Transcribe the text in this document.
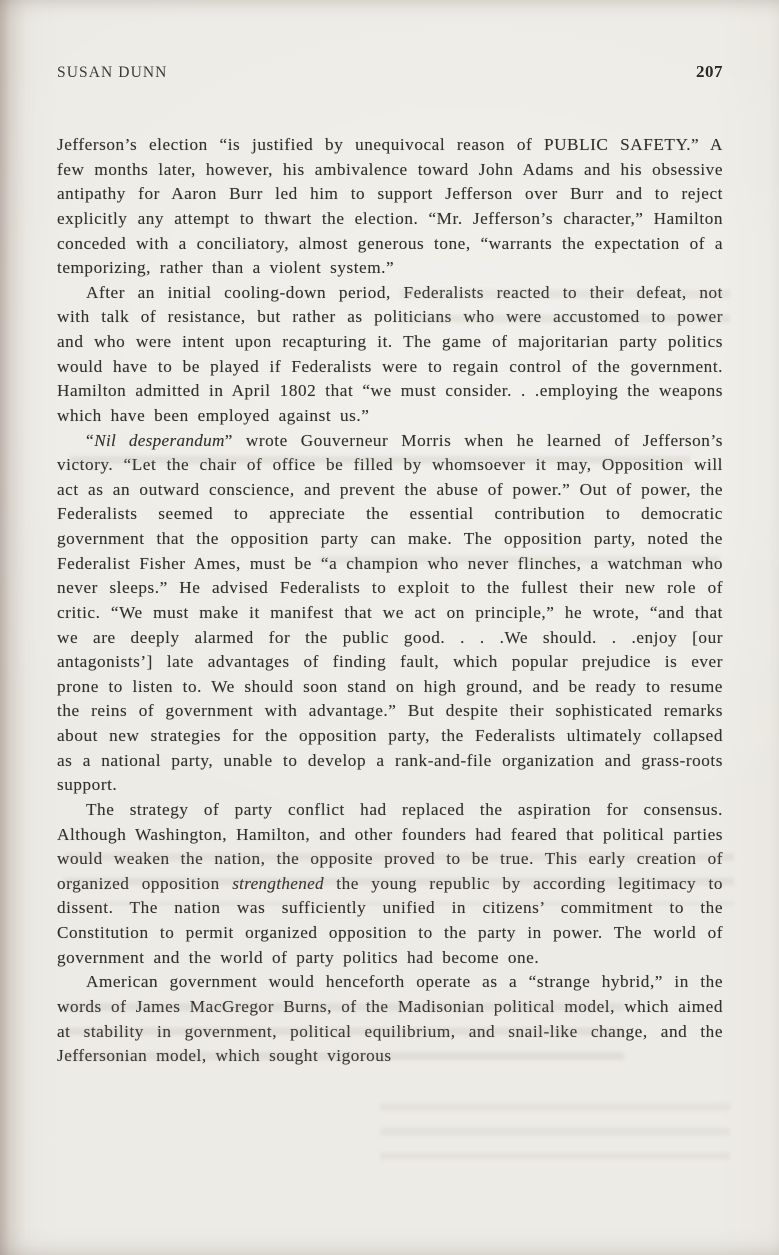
SUSAN DUNN	207

Jefferson’s election “is justified by unequivocal reason of PUBLIC SAFETY.” A few months later, however, his ambivalence toward John Adams and his obsessive antipathy for Aaron Burr led him to support Jefferson over Burr and to reject explicitly any attempt to thwart the election. “Mr. Jefferson’s character,” Hamilton conceded with a conciliatory, almost generous tone, “warrants the expectation of a temporizing, rather than a violent system.”

After an initial cooling-down period, Federalists reacted to their defeat, not with talk of resistance, but rather as politicians who were accustomed to power and who were intent upon recapturing it. The game of majoritarian party politics would have to be played if Federalists were to regain control of the government. Hamilton admitted in April 1802 that “we must consider. . .employing the weapons which have been employed against us.”

“Nil desperandum” wrote Gouverneur Morris when he learned of Jefferson’s victory. “Let the chair of office be filled by whomsoever it may, Opposition will act as an outward conscience, and prevent the abuse of power.” Out of power, the Federalists seemed to appreciate the essential contribution to democratic government that the opposition party can make. The opposition party, noted the Federalist Fisher Ames, must be “a champion who never flinches, a watchman who never sleeps.” He advised Federalists to exploit to the fullest their new role of critic. “We must make it manifest that we act on principle,” he wrote, “and that we are deeply alarmed for the public good. . . .We should. . .enjoy [our antagonists’] late advantages of finding fault, which popular prejudice is ever prone to listen to. We should soon stand on high ground, and be ready to resume the reins of government with advantage.” But despite their sophisticated remarks about new strategies for the opposition party, the Federalists ultimately collapsed as a national party, unable to develop a rank-and-file organization and grass-roots support.

The strategy of party conflict had replaced the aspiration for consensus. Although Washington, Hamilton, and other founders had feared that political parties would weaken the nation, the opposite proved to be true. This early creation of organized opposition strengthened the young republic by according legitimacy to dissent. The nation was sufficiently unified in citizens’ commitment to the Constitution to permit organized opposition to the party in power. The world of government and the world of party politics had become one.

American government would henceforth operate as a “strange hybrid,” in the words of James MacGregor Burns, of the Madisonian political model, which aimed at stability in government, political equilibrium, and snail-like change, and the Jeffersonian model, which sought vigorous
